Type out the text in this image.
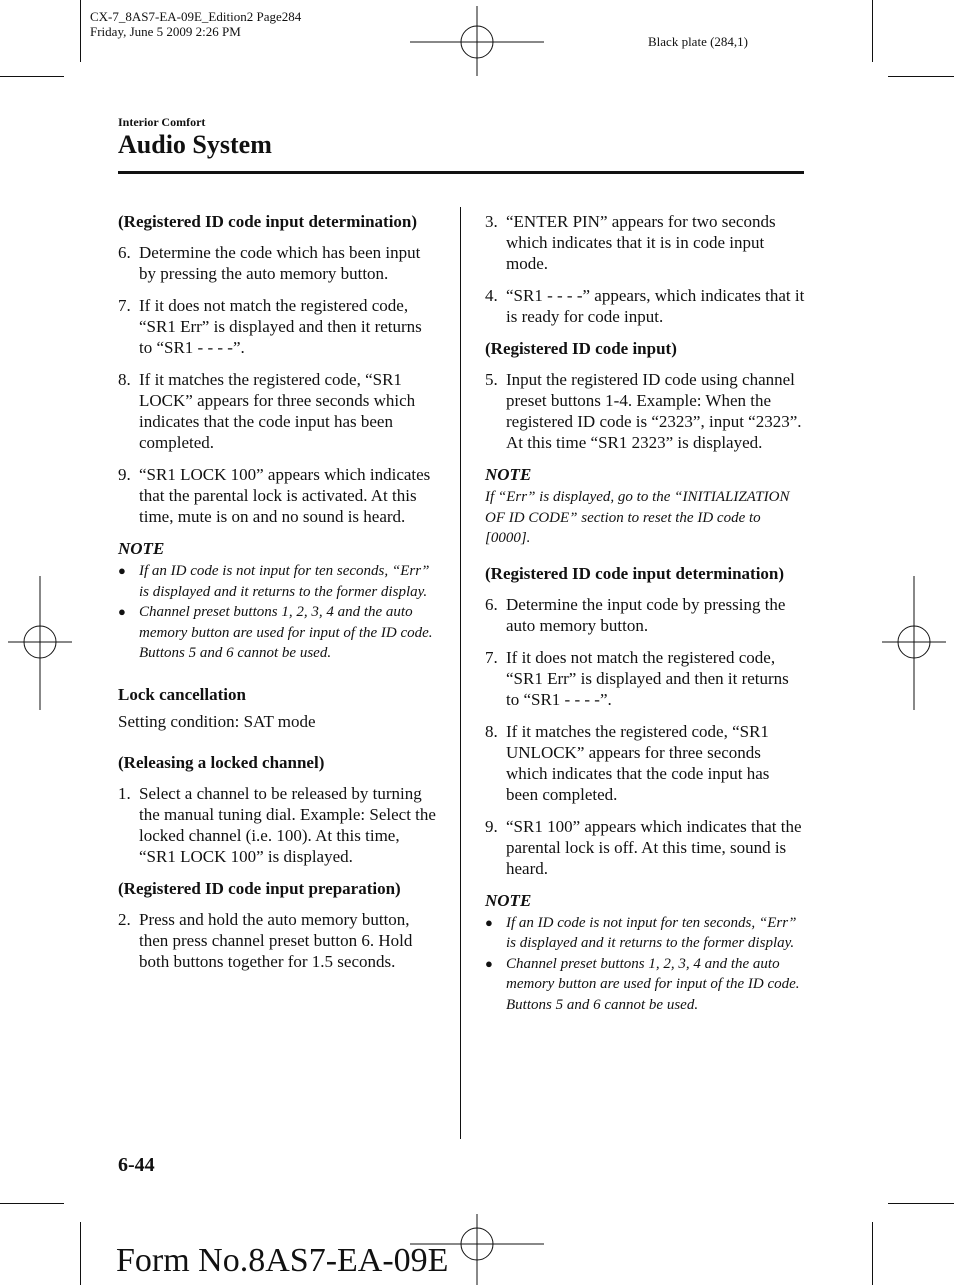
CX-7_8AS7-EA-09E_Edition2 Page284
Friday, June 5 2009 2:26 PM
Black plate (284,1)
Interior Comfort
Audio System

(Registered ID code input determination)

6. Determine the code which has been input by pressing the auto memory button.
7. If it does not match the registered code, “SR1 Err” is displayed and then it returns to “SR1 - - - -”.
8. If it matches the registered code, “SR1 LOCK” appears for three seconds which indicates that the code input has been completed.
9. “SR1 LOCK 100” appears which indicates that the parental lock is activated. At this time, mute is on and no sound is heard.

NOTE

● If an ID code is not input for ten seconds, “Err” is displayed and it returns to the former display.
● Channel preset buttons 1, 2, 3, 4 and the auto memory button are used for input of the ID code. Buttons 5 and 6 cannot be used.

Lock cancellation

Setting condition: SAT mode

(Releasing a locked channel)

1. Select a channel to be released by turning the manual tuning dial. Example: Select the locked channel (i.e. 100). At this time, “SR1 LOCK 100” is displayed.

(Registered ID code input preparation)

2. Press and hold the auto memory button, then press channel preset button 6. Hold both buttons together for 1.5 seconds.
3. “ENTER PIN” appears for two seconds which indicates that it is in code input mode.
4. “SR1 - - - -” appears, which indicates that it is ready for code input.

(Registered ID code input)

5. Input the registered ID code using channel preset buttons 1-4. Example: When the registered ID code is “2323”, input “2323”. At this time “SR1 2323” is displayed.

NOTE

If “Err” is displayed, go to the “INITIALIZATION OF ID CODE” section to reset the ID code to [0000].

(Registered ID code input determination)

6. Determine the input code by pressing the auto memory button.
7. If it does not match the registered code, “SR1 Err” is displayed and then it returns to “SR1 - - - -”.
8. If it matches the registered code, “SR1 UNLOCK” appears for three seconds which indicates that the code input has been completed.
9. “SR1 100” appears which indicates that the parental lock is off. At this time, sound is heard.

NOTE

● If an ID code is not input for ten seconds, “Err” is displayed and it returns to the former display.
● Channel preset buttons 1, 2, 3, 4 and the auto memory button are used for input of the ID code. Buttons 5 and 6 cannot be used.
6-44
Form No.8AS7-EA-09E
